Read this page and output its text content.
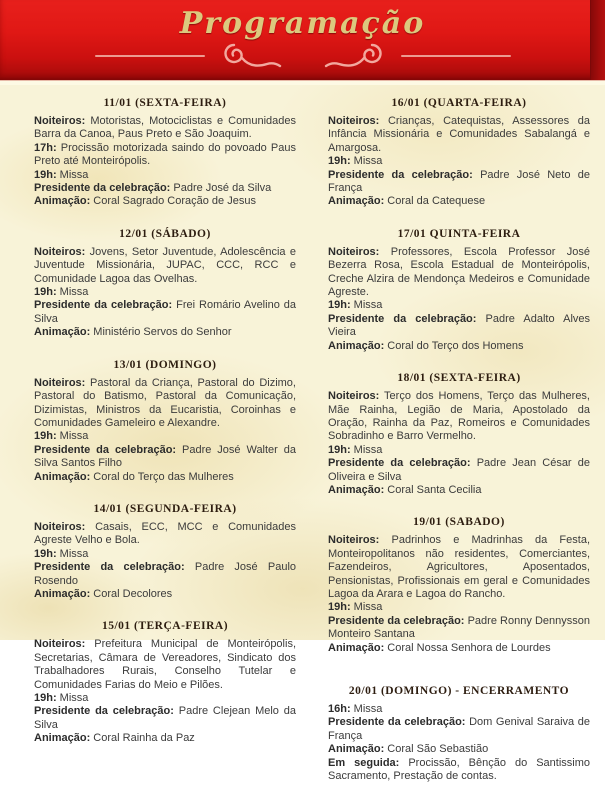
Programação
11/01 (SEXTA-FEIRA)

Noiteiros: Motoristas, Motociclistas e Comunidades Barra da Canoa, Paus Preto e São Joaquim.

17h: Procissão motorizada saindo do povoado Paus Preto até Monteirópolis.

19h: Missa

Presidente da celebração: Padre José da Silva

Animação: Coral Sagrado Coração de Jesus

12/01 (SÁBADO)

Noiteiros: Jovens, Setor Juventude, Adolescência e Juventude Missionária, JUPAC, CCC, RCC e Comunidade Lagoa das Ovelhas.

19h: Missa

Presidente da celebração: Frei Romário Avelino da Silva

Animação: Ministério Servos do Senhor

13/01 (DOMINGO)

Noiteiros: Pastoral da Criança, Pastoral do Dizimo, Pastoral do Batismo, Pastoral da Comunicação, Dizimistas, Ministros da Eucaristia, Coroinhas e Comunidades Gameleiro e Alexandre.

19h: Missa

Presidente da celebração: Padre José Walter da Silva Santos Filho

Animação: Coral do Terço das Mulheres

14/01 (SEGUNDA-FEIRA)

Noiteiros: Casais, ECC, MCC e Comunidades Agreste Velho e Bola.

19h: Missa

Presidente da celebração: Padre José Paulo Rosendo

Animação: Coral Decolores

15/01 (TERÇA-FEIRA)

Noiteiros: Prefeitura Municipal de Monteirópolis, Secretarias, Câmara de Vereadores, Sindicato dos Trabalhadores Rurais, Conselho Tutelar e Comunidades Farias do Meio e Pilões.

19h: Missa

Presidente da celebração: Padre Clejean Melo da Silva

Animação: Coral Rainha da Paz

16/01 (QUARTA-FEIRA)

Noiteiros: Crianças, Catequistas, Assessores da Infância Missionária e Comunidades Sabalangá e Amargosa.

19h: Missa

Presidente da celebração: Padre José Neto de França

Animação: Coral da Catequese

17/01 QUINTA-FEIRA

Noiteiros: Professores, Escola Professor José Bezerra Rosa, Escola Estadual de Monteirópolis, Creche Alzira de Mendonça Medeiros e Comunidade Agreste.

19h: Missa

Presidente da celebração: Padre Adalto Alves Vieira

Animação: Coral do Terço dos Homens

18/01 (SEXTA-FEIRA)

Noiteiros: Terço dos Homens, Terço das Mulheres, Mãe Rainha, Legião de Maria, Apostolado da Oração, Rainha da Paz, Romeiros e Comunidades Sobradinho e Barro Vermelho.

19h: Missa

Presidente da celebração: Padre Jean César de Oliveira e Silva

Animação: Coral Santa Cecilia

19/01 (SABADO)

Noiteiros: Padrinhos e Madrinhas da Festa, Monteiropolitanos não residentes, Comerciantes, Fazendeiros, Agricultores, Aposentados, Pensionistas, Profissionais em geral e Comunidades Lagoa da Arara e Lagoa do Rancho.

19h: Missa

Presidente da celebração: Padre Ronny Dennysson Monteiro Santana

Animação: Coral Nossa Senhora de Lourdes

20/01 (DOMINGO) - ENCERRAMENTO

16h: Missa

Presidente da celebração: Dom Genival Saraiva de França

Animação: Coral São Sebastião

Em seguida: Procissão, Bênção do Santissimo Sacramento, Prestação de contas.
